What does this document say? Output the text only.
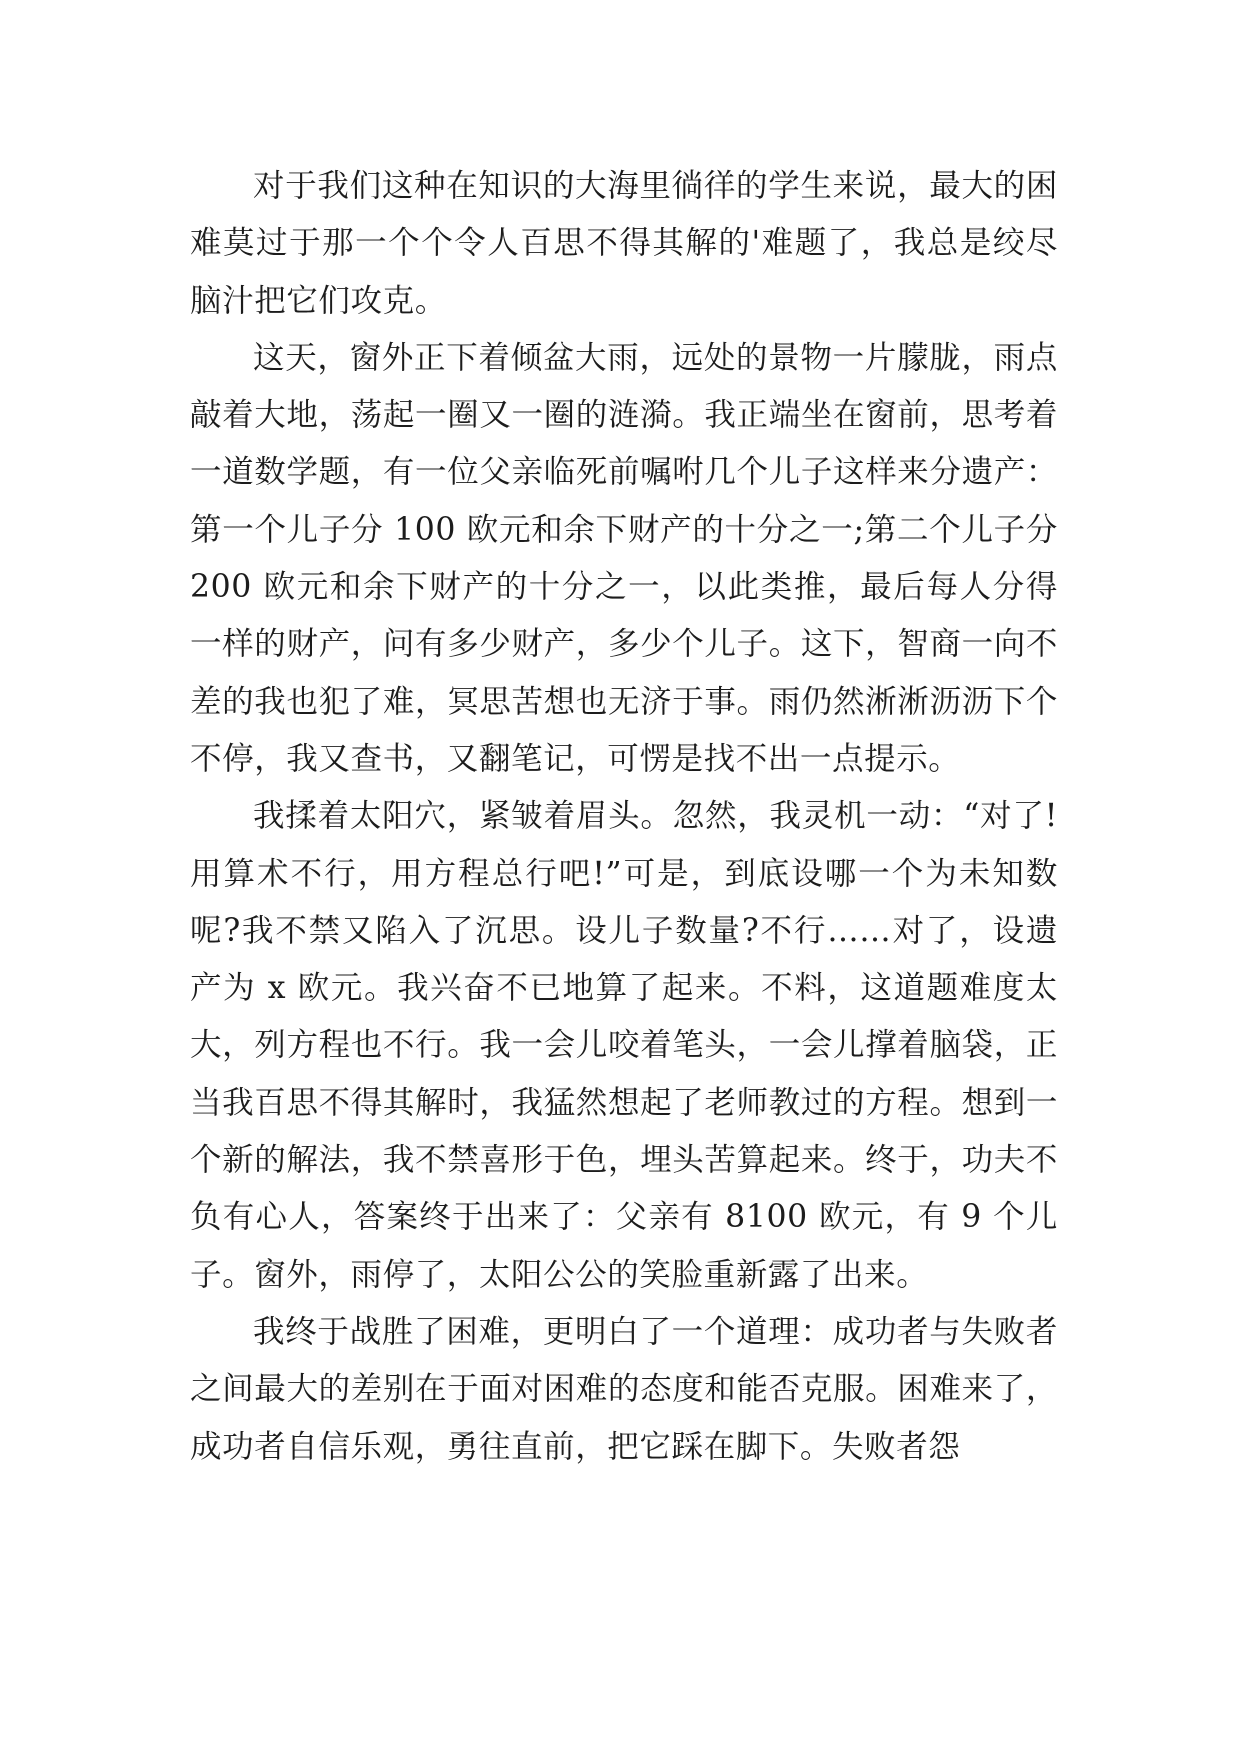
对于我们这种在知识的大海里徜徉的学生来说，最大的困难莫过于那一个个令人百思不得其解的'难题了，我总是绞尽脑汁把它们攻克。

这天，窗外正下着倾盆大雨，远处的景物一片朦胧，雨点敲着大地，荡起一圈又一圈的涟漪。我正端坐在窗前，思考着一道数学题，有一位父亲临死前嘱咐几个儿子这样来分遗产：第一个儿子分 100 欧元和余下财产的十分之一;第二个儿子分 200 欧元和余下财产的十分之一，以此类推，最后每人分得一样的财产，问有多少财产，多少个儿子。这下，智商一向不差的我也犯了难，冥思苦想也无济于事。雨仍然淅淅沥沥下个不停，我又查书，又翻笔记，可愣是找不出一点提示。

我揉着太阳穴，紧皱着眉头。忽然，我灵机一动：“对了!用算术不行，用方程总行吧!”可是，到底设哪一个为未知数呢?我不禁又陷入了沉思。设儿子数量?不行……对了，设遗产为 x 欧元。我兴奋不已地算了起来。不料，这道题难度太大，列方程也不行。我一会儿咬着笔头，一会儿撑着脑袋，正当我百思不得其解时，我猛然想起了老师教过的方程。想到一个新的解法，我不禁喜形于色，埋头苦算起来。终于，功夫不负有心人，答案终于出来了：父亲有 8100 欧元，有 9 个儿子。窗外，雨停了，太阳公公的笑脸重新露了出来。

我终于战胜了困难，更明白了一个道理：成功者与失败者之间最大的差别在于面对困难的态度和能否克服。困难来了，成功者自信乐观，勇往直前，把它踩在脚下。失败者怨
